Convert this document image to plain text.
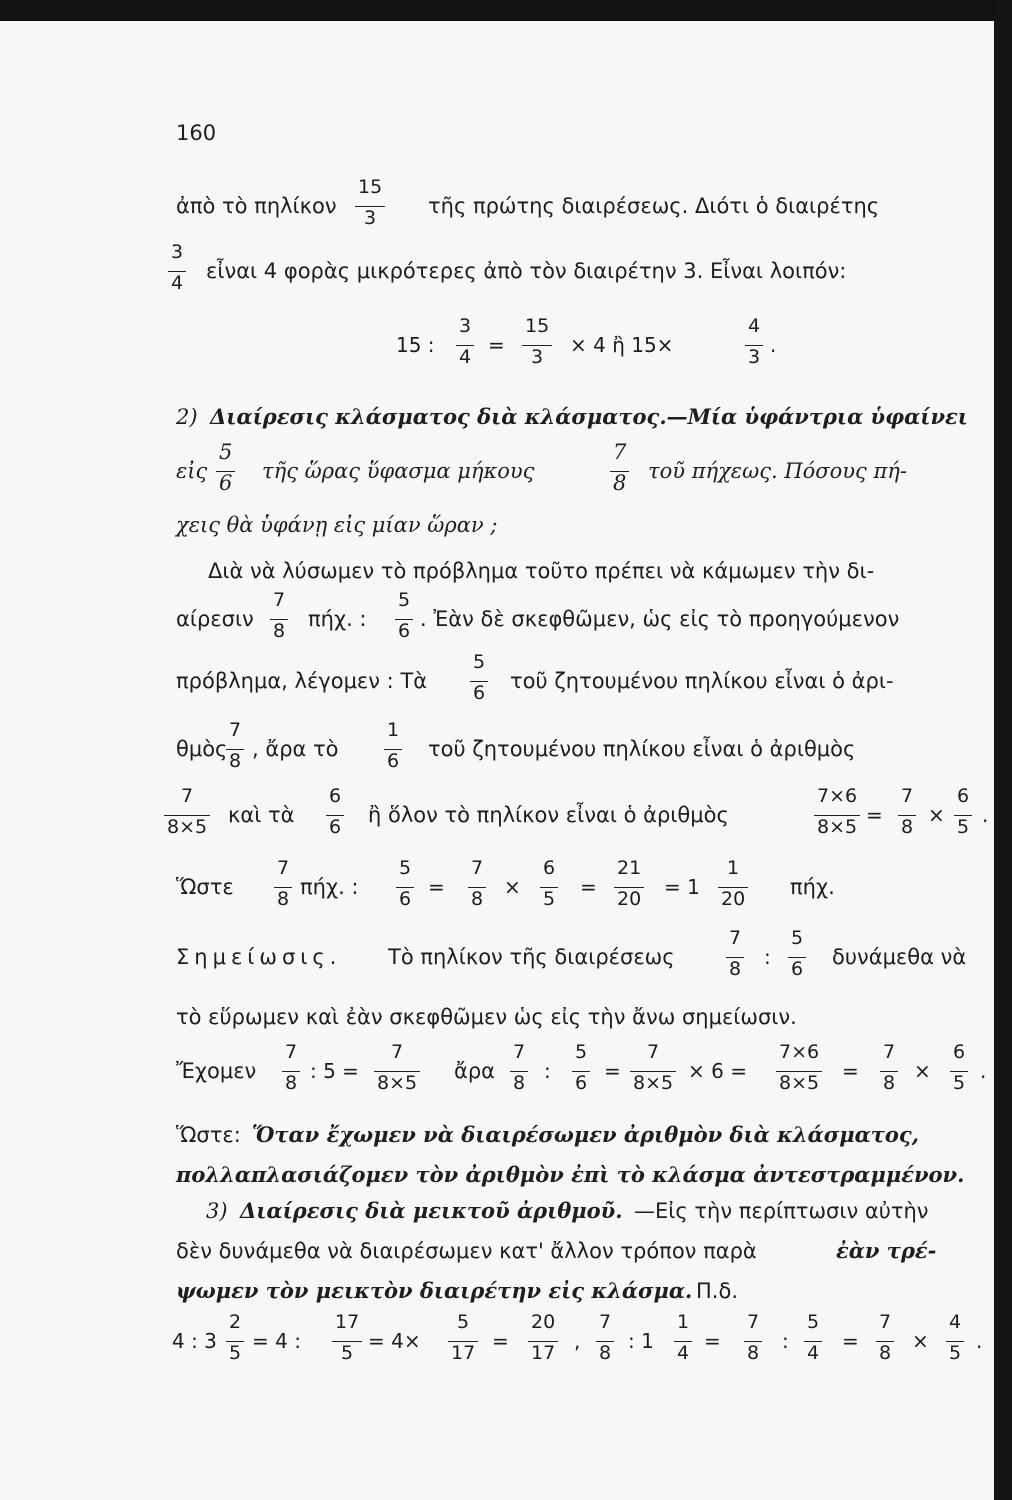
160
ἀπὸ τὸ πηλίκον $\frac{15}{3}$ τῆς πρώτης διαιρέσεως. Διότι ὁ διαιρέτης
$\frac{3}{4}$ εἶναι 4 φορὰς μικρότερες ἀπὸ τὸν διαιρέτην 3. Εἶναι λοιπόν:
15 : $\frac{3}{4} = \frac{15}{3} \times 4$ ἢ 15×	$\frac{4}{3}$ .
2) Διαίρεσις κλάσματος διὰ κλάσματος.—Μία ὑφάντρια ὑφαίνει
εἰς $\frac{5}{6}$ τῆς ὥρας ὕφασμα μήκους	$\frac{7}{8}$ τοῦ πήχεως. Πόσους πή-
χεις θὰ ὑφάνῃ εἰς μίαν ὥραν ;
Διὰ νὰ λύσωμεν τὸ πρόβλημα τοῦτο πρέπει νὰ κάμωμεν τὴν δι-
αίρεσιν $\frac{7}{8} \pi ή\chi$. : $\frac{5}{6}$ . Ἐὰν δὲ σκεφθῶμεν, ὡς εἰς τὸ προηγούμενον
πρόβλημα, λέγομεν : Τὰ $\frac{5}{6}$ τοῦ ζητουμένου πηλίκου εἶναι ὁ ἀρι-
θμὸς
$\frac{7}{8}$ , ἄρα τὸ $\frac{1}{6}$ τοῦ ζητουμένου πηλίκου εἶναι ὁ ἀριθμὸς
$\frac{7}{8\times 5}$ καὶ τὰ $\frac{6}{6}$ ἢ ὅλον τὸ πηλίκον εἶναι ὁ ἀριθμὸς	$\frac{7\times 6}{8\times 5} = \frac{7}{8} \times \frac{6}{5}$ .
Ὥστε $\frac{7}{8} \pi ή\chi$. : $\frac{5}{6} = \frac{7}{8} \times \frac{6}{5} = \frac{21}{20} = 1 \frac{1}{20} \pi ή\chi$.
Σημείωσις. Τὸ πηλίκον τῆς διαιρέσεως	$\frac{7}{8}$ : $\frac{5}{6}$ δυνάμεθα νὰ
τὸ εὕρωμεν καὶ ἐὰν σκεφθῶμεν ὡς εἰς τὴν ἄνω σημείωσιν.
Ἔχομεν $\frac{7}{8}$ : $5 = \frac{7}{8\times 5}$ ἄρα $\frac{7}{8}$ : $\frac{5}{6} = \frac{7}{8\times 5} \times 6 = \frac{7\times 6}{8\times 5} = \frac{7}{8} \times \frac{6}{5}$ .
Ὥστε: Ὅταν ἔχωμεν νὰ διαιρέσωμεν ἀριθμὸν διὰ κλάσματος,
πολλαπλασιάζομεν τὸν ἀριθμὸν ἐπὶ τὸ κλάσμα ἀντεστραμμένον.
3) Διαίρεσις διὰ μεικτοῦ ἀριθμοῦ. —Εἰς τὴν περίπτωσιν αὐτὴν
δὲν δυνάμεθα νὰ διαιρέσωμεν κατ' ἄλλον τρόπον παρὰ	ἐὰν τρέ-
ψωμεν τὸν μεικτὸν διαιρέτην εἰς κλάσμα. Π.δ.
4 : $3 \frac{2}{5} = 4$ : $\frac{17}{5} = 4\times \frac{5}{17} = \frac{20}{17}$ , $\frac{7}{8}$ : $1 \frac{1}{4} = \frac{7}{8}$ : $\frac{5}{4} = \frac{7}{8} \times \frac{4}{5}$ .
